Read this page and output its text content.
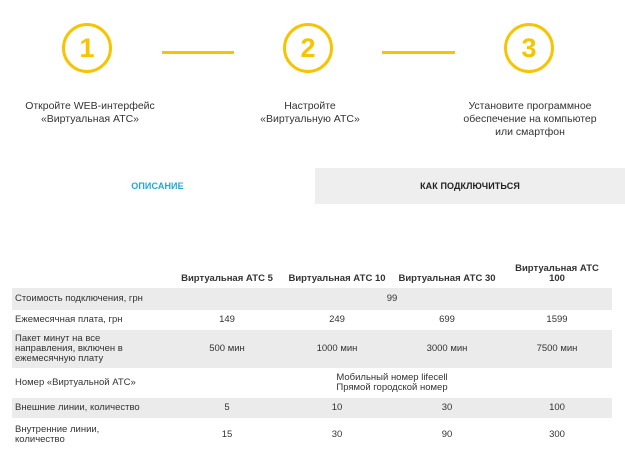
1	2	3
Откройте WEB-интерфейс
«Виртуальная АТС»
Настройте
«Виртуальную АТС»
Установите программное
обеспечение на компьютер
или смартфон
ОПИСАНИЕ	КАК ПОДКЛЮЧИТЬСЯ
	Виртуальная АТС 5	Виртуальная АТС 10	Виртуальная АТС 30	Виртуальная АТС 100
Стоимость подключения, грн	99			
Ежемесячная плата, грн	149	249	699	1599

Пакет минут на все
направления, включен в
ежемесячную плату	500 мин	1000 мин	3000 мин	7500 мин
Номер «Виртуальной АТС»	Мобильный номер lifecell
Прямой городской номер			

Внешние линии, количество	5	10	30	100

Внутренние линии,
количество	15	30	90	300
